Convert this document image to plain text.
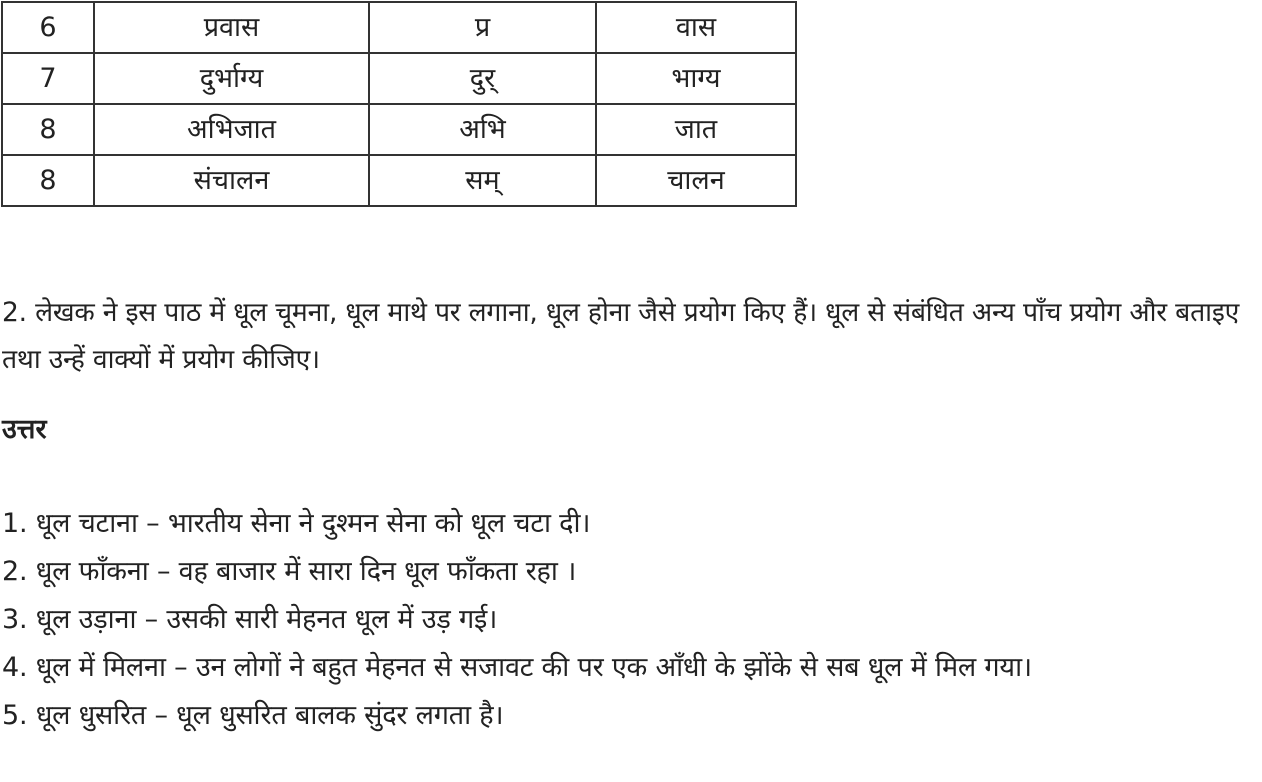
6	प्रवास	प्र	वास
7	दुर्भाग्य	दुर्	भाग्य
8	अभिजात	अभि	जात
8	संचालन	सम्	चालन

2. लेखक ने इस पाठ में धूल चूमना, धूल माथे पर लगाना, धूल होना जैसे प्रयोग किए हैं। धूल से संबंधित अन्य पाँच प्रयोग और बताइए तथा उन्हें वाक्यों में प्रयोग कीजिए।

उत्तर
1. धूल चटाना – भारतीय सेना ने दुश्मन सेना को धूल चटा दी।
2. धूल फाँकना – वह बाजार में सारा दिन धूल फाँकता रहा ।
3. धूल उड़ाना – उसकी सारी मेहनत धूल में उड़ गई।
4. धूल में मिलना – उन लोगों ने बहुत मेहनत से सजावट की पर एक आँधी के झोंके से सब धूल में मिल गया।
5. धूल धुसरित – धूल धुसरित बालक सुंदर लगता है।
